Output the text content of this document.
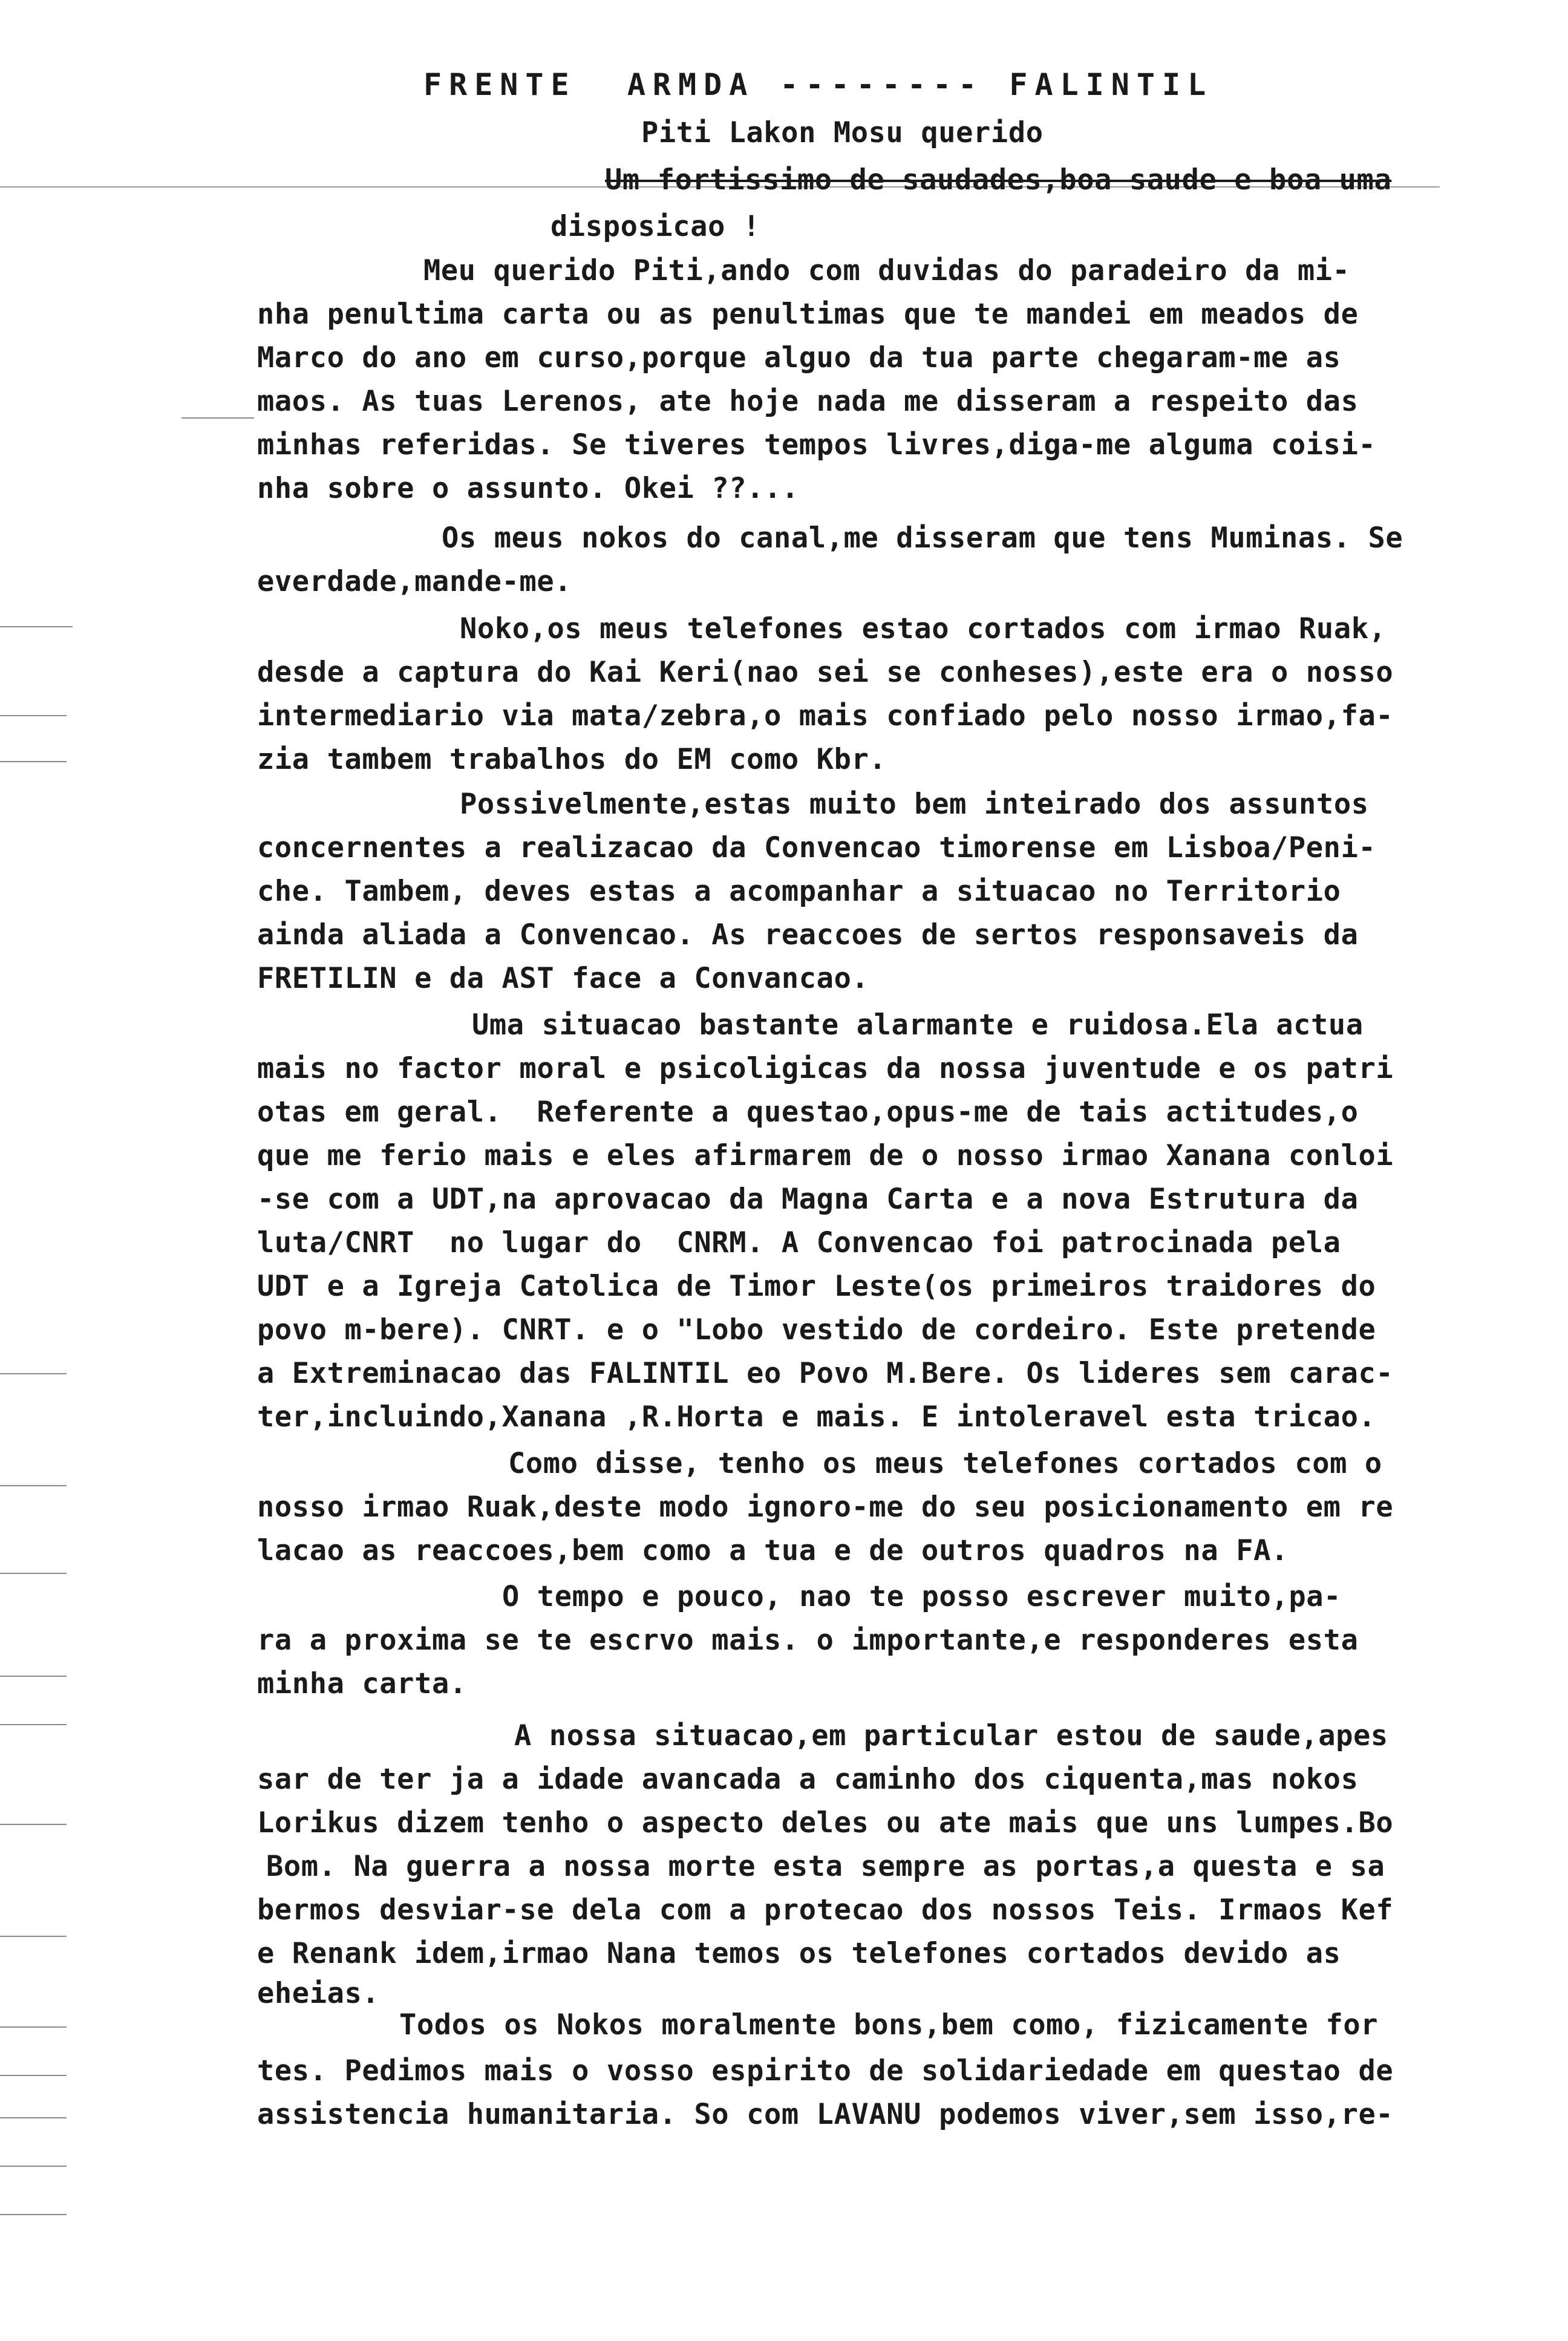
FRENTE  ARMDA -------- FALINTIL
Piti Lakon Mosu querido
Um fortissimo de saudades,boa saude e boa uma
disposicao !
Meu querido Piti,ando com duvidas do paradeiro da mi-
nha penultima carta ou as penultimas que te mandei em meados de
Marco do ano em curso,porque alguo da tua parte chegaram-me as
maos. As tuas Lerenos, ate hoje nada me disseram a respeito das
minhas referidas. Se tiveres tempos livres,diga-me alguma coisi-
nha sobre o assunto. Okei ??...
Os meus nokos do canal,me disseram que tens Muminas. Se
everdade,mande-me.
Noko,os meus telefones estao cortados com irmao Ruak,
desde a captura do Kai Keri(nao sei se conheses),este era o nosso
intermediario via mata/zebra,o mais confiado pelo nosso irmao,fa-
zia tambem trabalhos do EM como Kbr.
Possivelmente,estas muito bem inteirado dos assuntos
concernentes a realizacao da Convencao timorense em Lisboa/Peni-
che. Tambem, deves estas a acompanhar a situacao no Territorio
ainda aliada a Convencao. As reaccoes de sertos responsaveis da
FRETILIN e da AST face a Convancao.
Uma situacao bastante alarmante e ruidosa.Ela actua
mais no factor moral e psicoligicas da nossa juventude e os patri
otas em geral.  Referente a questao,opus-me de tais actitudes,o
que me ferio mais e eles afirmarem de o nosso irmao Xanana conloi
-se com a UDT,na aprovacao da Magna Carta e a nova Estrutura da
luta/CNRT  no lugar do  CNRM. A Convencao foi patrocinada pela
UDT e a Igreja Catolica de Timor Leste(os primeiros traidores do
povo m-bere). CNRT. e o "Lobo vestido de cordeiro. Este pretende
a Extreminacao das FALINTIL eo Povo M.Bere. Os lideres sem carac-
ter,incluindo,Xanana ,R.Horta e mais. E intoleravel esta tricao.
Como disse, tenho os meus telefones cortados com o
nosso irmao Ruak,deste modo ignoro-me do seu posicionamento em re
lacao as reaccoes,bem como a tua e de outros quadros na FA.
O tempo e pouco, nao te posso escrever muito,pa-
ra a proxima se te escrvo mais. o importante,e responderes esta
minha carta.
A nossa situacao,em particular estou de saude,apes
sar de ter ja a idade avancada a caminho dos ciquenta,mas nokos
Lorikus dizem tenho o aspecto deles ou ate mais que uns lumpes.Bo
Bom. Na guerra a nossa morte esta sempre as portas,a questa e sa
bermos desviar-se dela com a protecao dos nossos Teis. Irmaos Kef
e Renank idem,irmao Nana temos os telefones cortados devido as
eheias.
Todos os Nokos moralmente bons,bem como, fizicamente for
tes. Pedimos mais o vosso espirito de solidariedade em questao de
assistencia humanitaria. So com LAVANU podemos viver,sem isso,re-
